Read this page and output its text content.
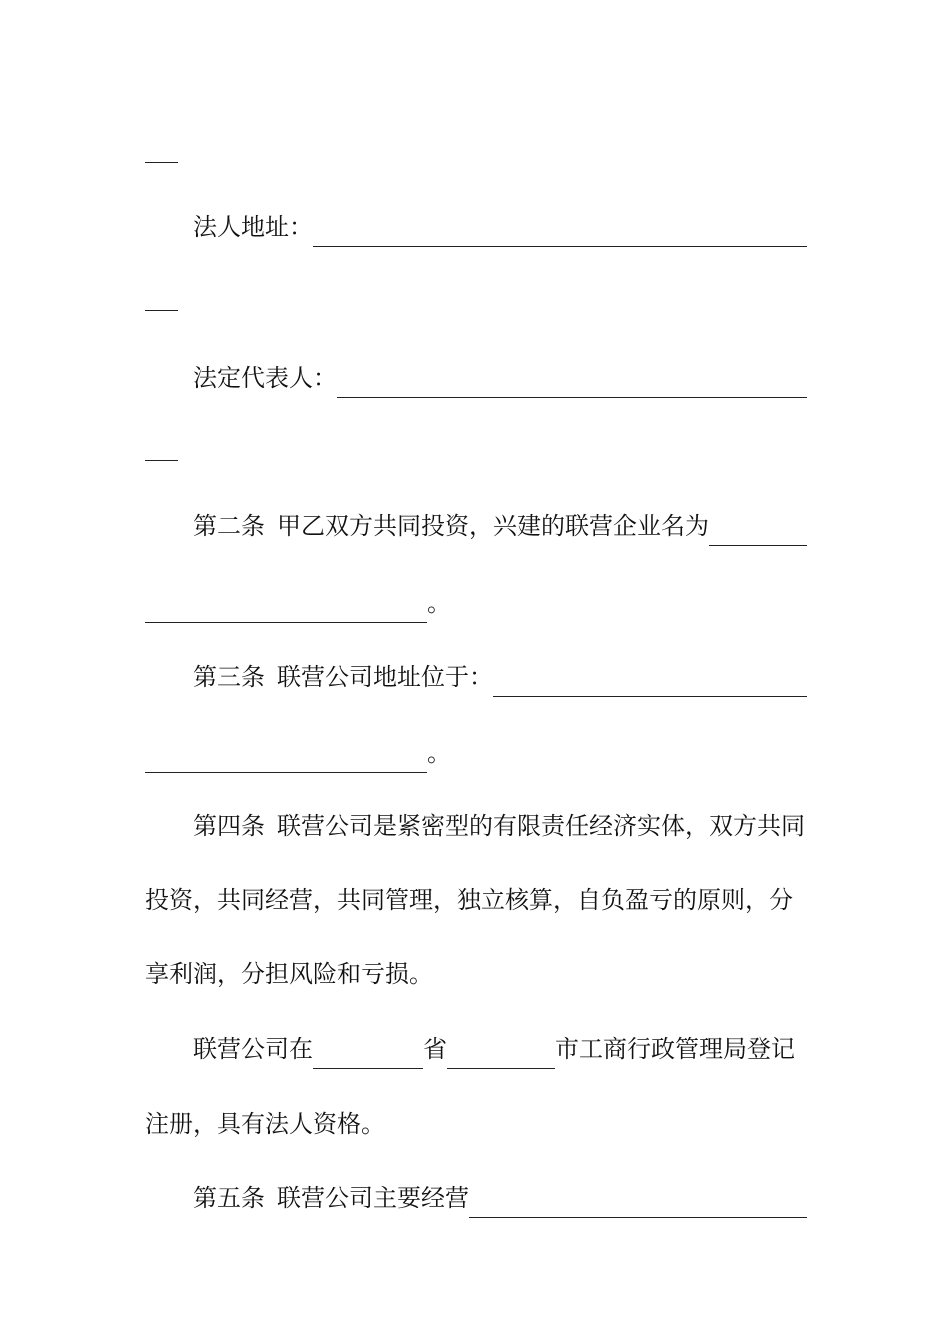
法人地址：
法定代表人：
第二条 甲乙双方共同投资，兴建的联营企业名为
。
第三条 联营公司地址位于：
。
第四条 联营公司是紧密型的有限责任经济实体，双方共同
投资，共同经营，共同管理，独立核算，自负盈亏的原则，分
享利润，分担风险和亏损。
联营公司在	省	市工商行政管理局登记
注册，具有法人资格。
第五条 联营公司主要经营
